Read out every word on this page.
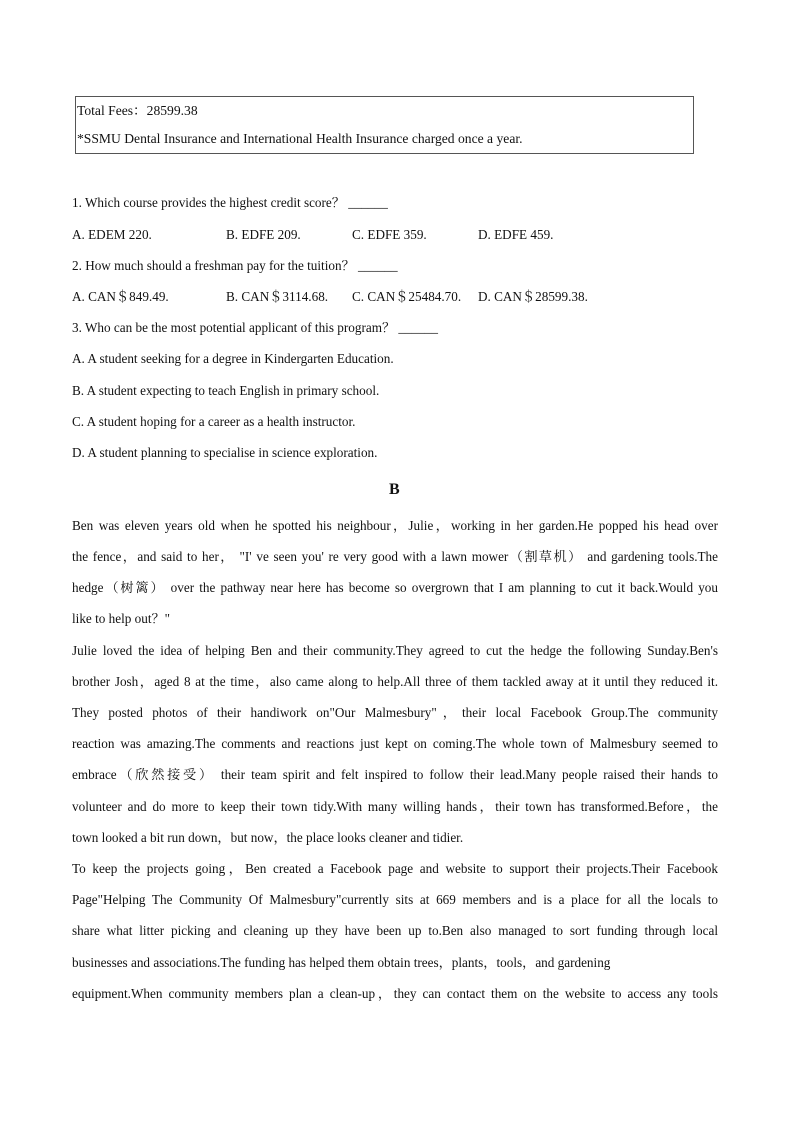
Total Fees：28599.38
*SSMU Dental Insurance and International Health Insurance charged once a year.
1. Which course provides the highest credit score？ ______
A. EDEM 220.	B. EDFE 209.	C. EDFE 359.	D. EDFE 459.
2. How much should a freshman pay for the tuition？ ______
A. CAN＄849.49.	B. CAN＄3114.68. C. CAN＄25484.70. D. CAN＄28599.38.
3. Who can be the most potential applicant of this program？ ______
A. A student seeking for a degree in Kindergarten Education.
B. A student expecting to teach English in primary school.
C. A student hoping for a career as a health instructor.
D. A student planning to specialise in science exploration.
B
Ben was eleven years old when he spotted his neighbour，Julie，working in her garden.He popped his head over
the fence，and said to her， "I' ve seen you' re very good with a lawn mower（割草机） and gardening tools.The
hedge（树篱） over the pathway near here has become so overgrown that I am planning to cut it back.Would you
like to help out？"
Julie loved the idea of helping Ben and their community.They agreed to cut the hedge the following Sunday.Ben's
brother Josh，aged 8 at the time，also came along to help.All three of them tackled away at it until they reduced it.
They posted photos of their handiwork on"Our Malmesbury"，their local Facebook Group.The community
reaction was amazing.The comments and reactions just kept on coming.The whole town of Malmesbury seemed to
embrace（欣然接受） their team spirit and felt inspired to follow their lead.Many people raised their hands to
volunteer and do more to keep their town tidy.With many willing hands，their town has transformed.Before，the
town looked a bit run down，but now，the place looks cleaner and tidier.
To keep the projects going，Ben created a Facebook page and website to support their projects.Their Facebook
Page"Helping The Community Of Malmesbury"currently sits at 669 members and is a place for all the locals to
share what litter picking and cleaning up they have been up to.Ben also managed to sort funding through local
businesses and associations.The funding has helped them obtain trees，plants，tools，and gardening
equipment.When community members plan a clean-up，they can contact them on the website to access any tools
